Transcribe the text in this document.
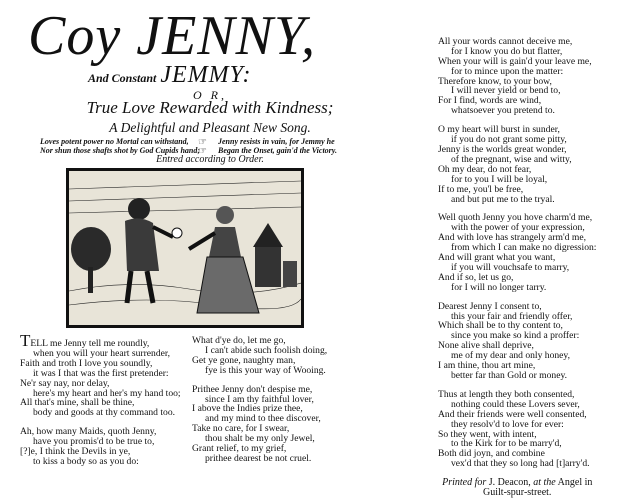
Coy JENNY,
And Constant JEMMY:
O R,
True Love Rewarded with Kindness;
A Delightful and Pleasant New Song.
Loves potent power no Mortal can withstand,
Nor shun those shafts shot by God Cupids hand;
☞
☞
Jenny resists in vain, for Jemmy he
Began the Onset, gain'd the Victory.
Entred according to Order.
TELL me Jenny tell me roundly,
when you will your heart surrender,
Faith and troth I love you soundly,
it was I that was the first pretender:
Ne'r say nay, nor delay,
here's my heart and her's my hand too;
All that's mine, shall be thine,
body and goods at thy command too.
Ah, how many Maids, quoth Jenny,
have you promis'd to be true to,
[?]e, I think the Devils in ye,
to kiss a body so as you do:
What d'ye do, let me go,
I can't abide such foolish doing,
Get ye gone, naughty man,
fye is this your way of Wooing.
Prithee Jenny don't despise me,
since I am thy faithful lover,
I above the Indies prize thee,
and my mind to thee discover,
Take no care, for I swear,
thou shalt be my only Jewel,
Grant relief, to my grief,
prithee dearest be not cruel.

All your words cannot deceive me,
for I know you do but flatter,
When your will is gain'd your leave me,
for to mince upon the matter:
Therefore know, to your bow,
I will never yield or bend to,
For I find, words are wind,
whatsoever you pretend to.
O my heart will burst in sunder,
if you do not grant some pitty,
Jenny is the worlds great wonder,
of the pregnant, wise and witty,
Oh my dear, do not fear,
for to you I will be loyal,
If to me, you'l be free,
and but put me to the tryal.
Well quoth Jenny you hove charm'd me,
with the power of your expression,
And with love has strangely arm'd me,
from which I can make no digression:
And will grant what you want,
if you will vouchsafe to marry,
And if so, let us go,
for I will no longer tarry.
Dearest Jenny I consent to,
this your fair and friendly offer,
Which shall be to thy content to,
since you make so kind a proffer:
None alive shall deprive,
me of my dear and only honey,
I am thine, thou art mine,
better far than Gold or money.
Thus at length they both consented,
nothing could these Lovers sever,
And their friends were well consented,
they resolv'd to love for ever:
So they went, with intent,
to the Kirk for to be marry'd,
Both did joyn, and combine
vex'd that they so long had [t]arry'd.
Printed for J. Deacon, at the Angel in
Guilt-spur-street.
